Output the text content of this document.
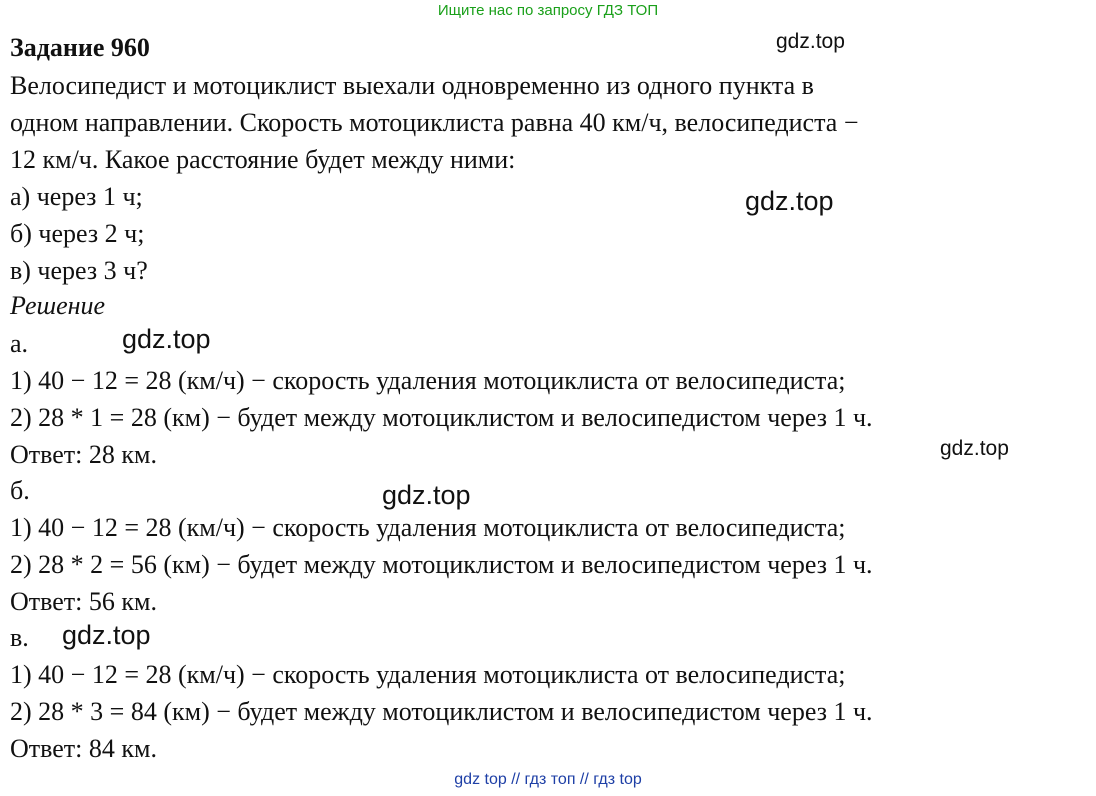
Ищите нас по запросу ГДЗ ТОП
Задание 960
Велосипедист и мотоциклист выехали одновременно из одного пункта в
одном направлении. Скорость мотоциклиста равна 40 км/ч, велосипедиста −
12 км/ч. Какое расстояние будет между ними:
а) через 1 ч;
б) через 2 ч;
в) через 3 ч?
Решение
а.
1) 40 − 12 = 28 (км/ч) − скорость удаления мотоциклиста от велосипедиста;
2) 28 * 1 = 28 (км) − будет между мотоциклистом и велосипедистом через 1 ч.
Ответ: 28 км.
б.
1) 40 − 12 = 28 (км/ч) − скорость удаления мотоциклиста от велосипедиста;
2) 28 * 2 = 56 (км) − будет между мотоциклистом и велосипедистом через 1 ч.
Ответ: 56 км.
в.
1) 40 − 12 = 28 (км/ч) − скорость удаления мотоциклиста от велосипедиста;
2) 28 * 3 = 84 (км) − будет между мотоциклистом и велосипедистом через 1 ч.
Ответ: 84 км.
gdz.top
gdz.top
gdz.top
gdz.top
gdz.top
gdz.top
gdz top // гдз топ // гдз top
